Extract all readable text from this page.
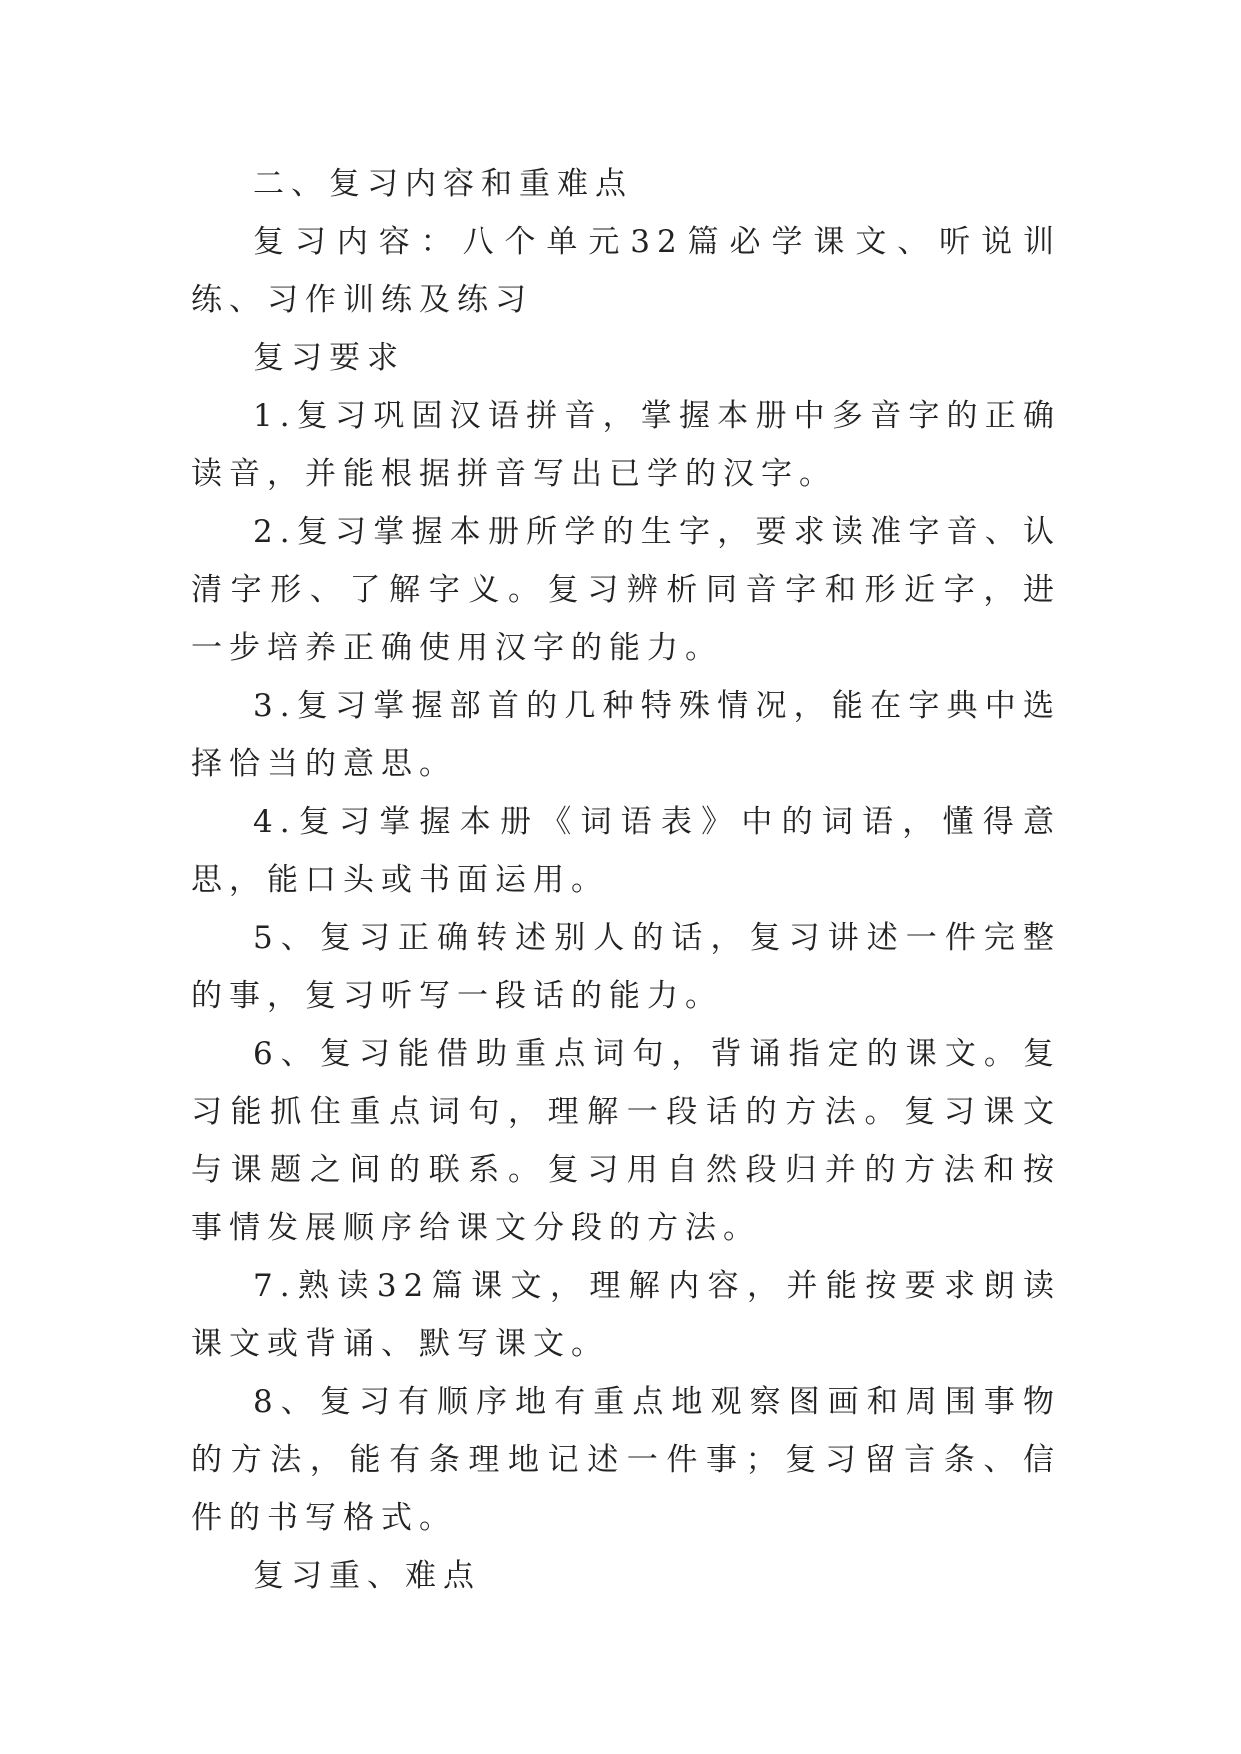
二、复习内容和重难点

复习内容：八个单元32篇必学课文、听说训练、习作训练及练习

复习要求

1.复习巩固汉语拼音，掌握本册中多音字的正确读音，并能根据拼音写出已学的汉字。

2.复习掌握本册所学的生字，要求读准字音、认清字形、了解字义。复习辨析同音字和形近字，进一步培养正确使用汉字的能力。

3.复习掌握部首的几种特殊情况，能在字典中选择恰当的意思。

4.复习掌握本册《词语表》中的词语，懂得意思，能口头或书面运用。

5、复习正确转述别人的话，复习讲述一件完整的事，复习听写一段话的能力。

6、复习能借助重点词句，背诵指定的课文。复习能抓住重点词句，理解一段话的方法。复习课文与课题之间的联系。复习用自然段归并的方法和按事情发展顺序给课文分段的方法。

7.熟读32篇课文，理解内容，并能按要求朗读课文或背诵、默写课文。

8、复习有顺序地有重点地观察图画和周围事物的方法，能有条理地记述一件事；复习留言条、信件的书写格式。

复习重、难点
